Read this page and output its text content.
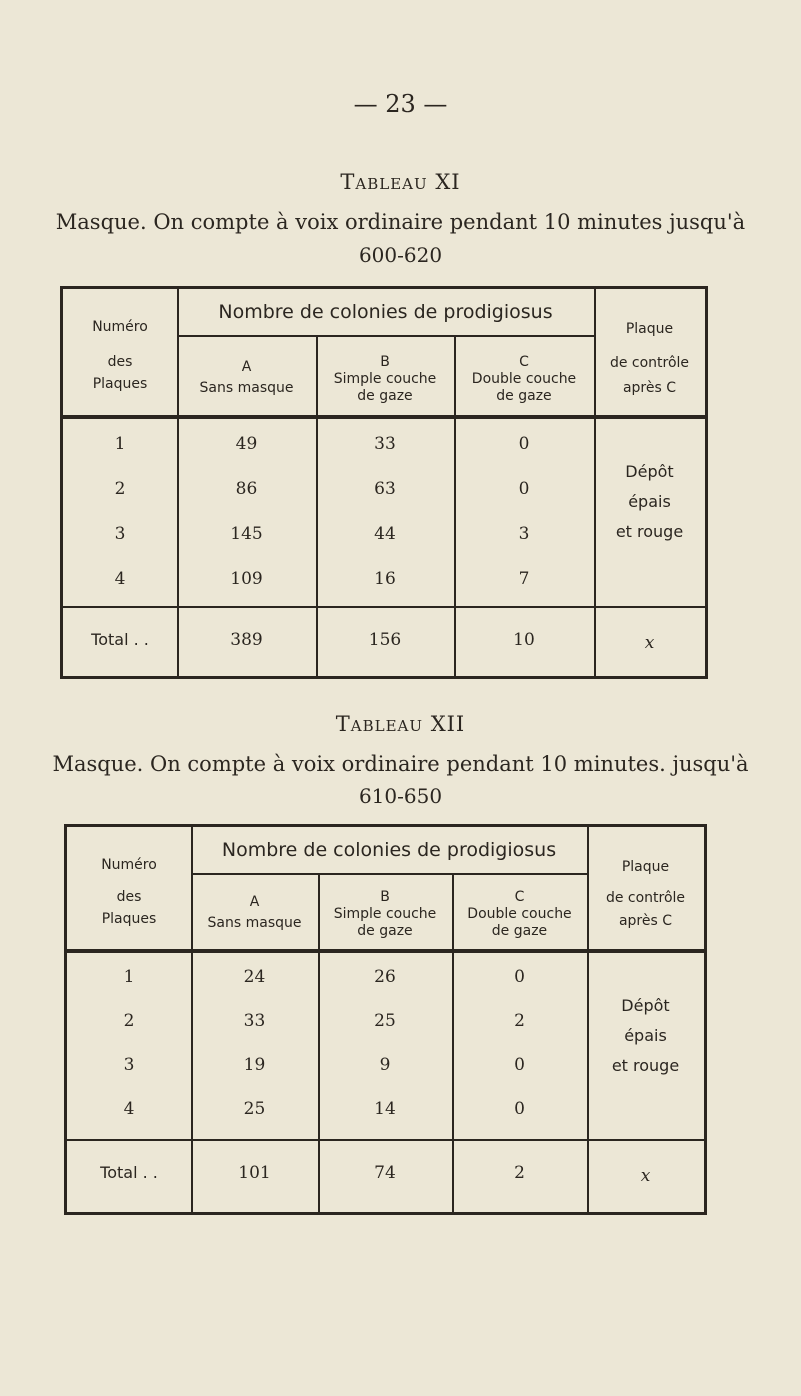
— 23 —
Tableau XI
Masque. On compte à voix ordinaire pendant 10 minutes jusqu'à
600-620
Numéro
des
Plaques
Nombre de colonies de prodigiosus
A
Sans masque
B
Simple couche
de gaze
C
Double couche
de gaze
Plaque
de contrôle
après C
1	49	33	0
2	86	63	0
3	145	44	3
4	109	16	7
Dépôt
épais
et rouge
Total . .	389	156	10	x
Tableau XII
Masque. On compte à voix ordinaire pendant 10 minutes. jusqu'à
610-650
Numéro
des
Plaques
Nombre de colonies de prodigiosus
A
Sans masque
B
Simple couche
de gaze
C
Double couche
de gaze
Plaque
de contrôle
après C
1	24	26	0
2	33	25	2
3	19	9	0
4	25	14	0
Dépôt
épais
et rouge
Total . .	101	74	2	x
